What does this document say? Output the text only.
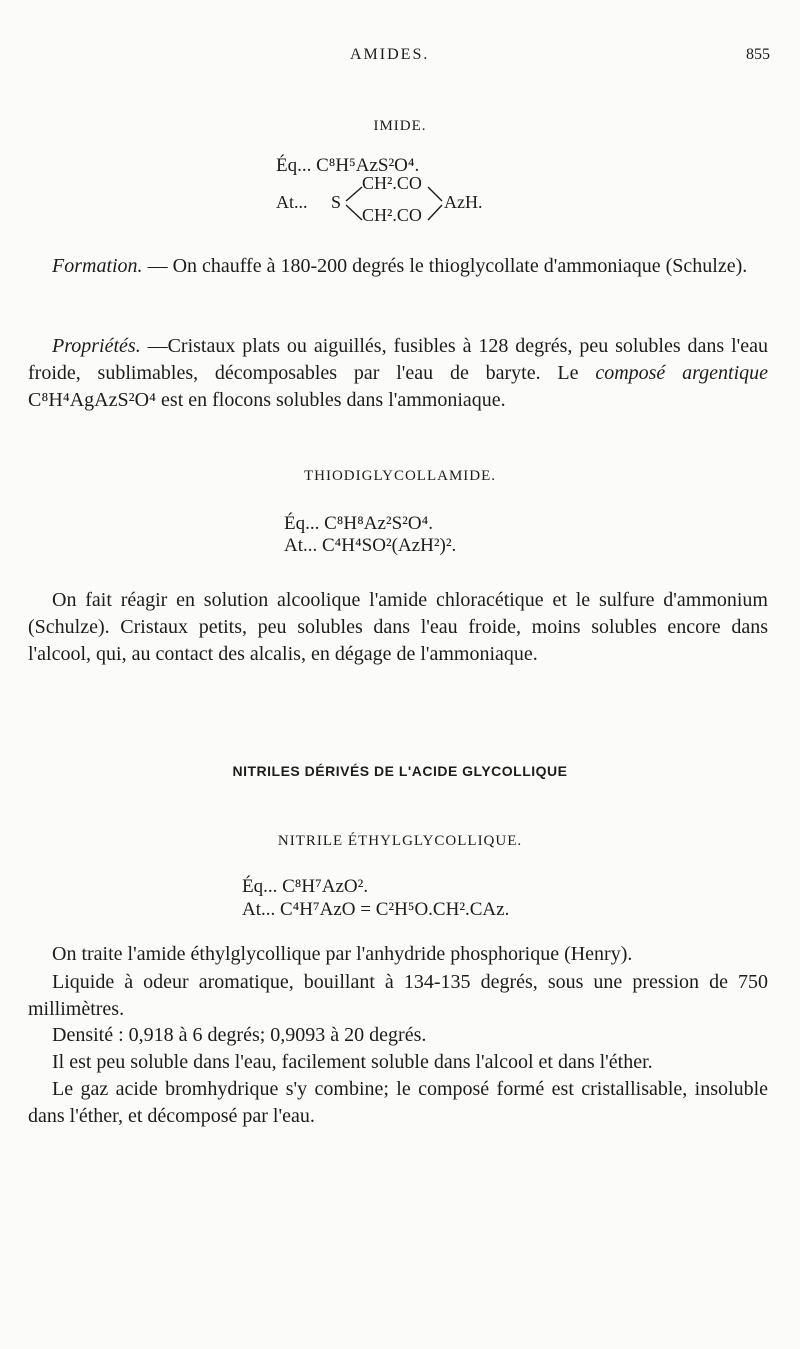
AMIDES.	855
IMIDE.
Éq... C⁸H⁵AzS²O⁴.
At... S
CH².CO
CH².CO
AzH.

Formation. — On chauffe à 180-200 degrés le thioglycollate d'ammoniaque (Schulze).

Propriétés. —Cristaux plats ou aiguillés, fusibles à 128 degrés, peu solubles dans l'eau froide, sublimables, décomposables par l'eau de baryte. Le composé argentique C⁸H⁴AgAzS²O⁴ est en flocons solubles dans l'ammoniaque.

THIODIGLYCOLLAMIDE.
Éq... C⁸H⁸Az²S²O⁴.
At... C⁴H⁴SO²(AzH²)².

On fait réagir en solution alcoolique l'amide chloracétique et le sulfure d'ammonium (Schulze). Cristaux petits, peu solubles dans l'eau froide, moins solubles encore dans l'alcool, qui, au contact des alcalis, en dégage de l'ammoniaque.

NITRILES DÉRIVÉS DE L'ACIDE GLYCOLLIQUE
NITRILE ÉTHYLGLYCOLLIQUE.
Éq... C⁸H⁷AzO².
At... C⁴H⁷AzO = C²H⁵O.CH².CAz.

On traite l'amide éthylglycollique par l'anhydride phosphorique (Henry).

Liquide à odeur aromatique, bouillant à 134-135 degrés, sous une pression de 750 millimètres.

Densité : 0,918 à 6 degrés; 0,9093 à 20 degrés.

Il est peu soluble dans l'eau, facilement soluble dans l'alcool et dans l'éther.

Le gaz acide bromhydrique s'y combine; le composé formé est cristallisable, insoluble dans l'éther, et décomposé par l'eau.
